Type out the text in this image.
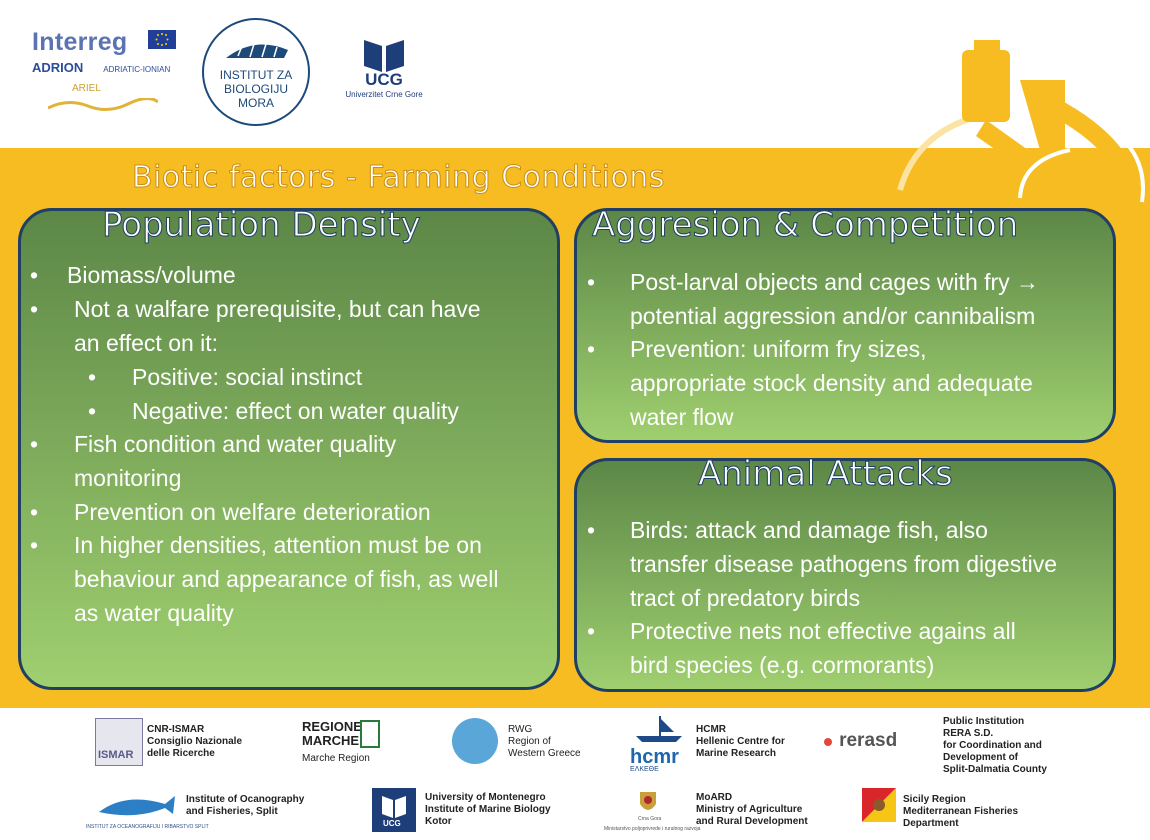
Interreg
ADRION	ADRIATIC-IONIAN
ARIEL
INSTITUT ZA
BIOLOGIJU
MORA
UCG
Univerzitet Crne Gore
Biotic factors - Farming Conditions
Population Density
• Biomass/volume
• Not a walfare prerequisite, but can have
an effect on it:
• Positive: social instinct
• Negative: effect on water quality
• Fish condition and water quality
monitoring
• Prevention on welfare deterioration
• In higher densities, attention must be on
behaviour and appearance of fish, as well
as water quality
Aggresion & Competition
• Post-larval objects and cages with fry →
potential aggression and/or cannibalism
• Prevention: uniform fry sizes,
appropriate stock density and adequate
water flow
Animal Attacks
• Birds: attack and damage fish, also
transfer disease pathogens from digestive
tract of predatory birds
• Protective nets not effective agains all
bird species (e.g. cormorants)
ISMAR
CNR-ISMAR
Consiglio Nazionale
delle Ricerche
REGIONE
MARCHE
Marche Region
RWG
Region of
Western Greece hcmr
ΕΛΚΕΘΕ
HCMR
Hellenic Centre for
Marine Research
rerasd
Public Institution
RERA S.D.
for Coordination and
Development of
Split-Dalmatia County
INSTITUT ZA OCEANOGRAFIJU I RIBARSTVO SPLIT
Institute of Ocanography
and Fisheries, Split
UCG
University of Montenegro
Institute of Marine Biology
Kotor	Crna Gora
Ministarstvo poljoprivrede i ruralnog razvoja
MoARD
Ministry of Agriculture
and Rural Development
Sicily Region
Mediterranean Fisheries
Department
